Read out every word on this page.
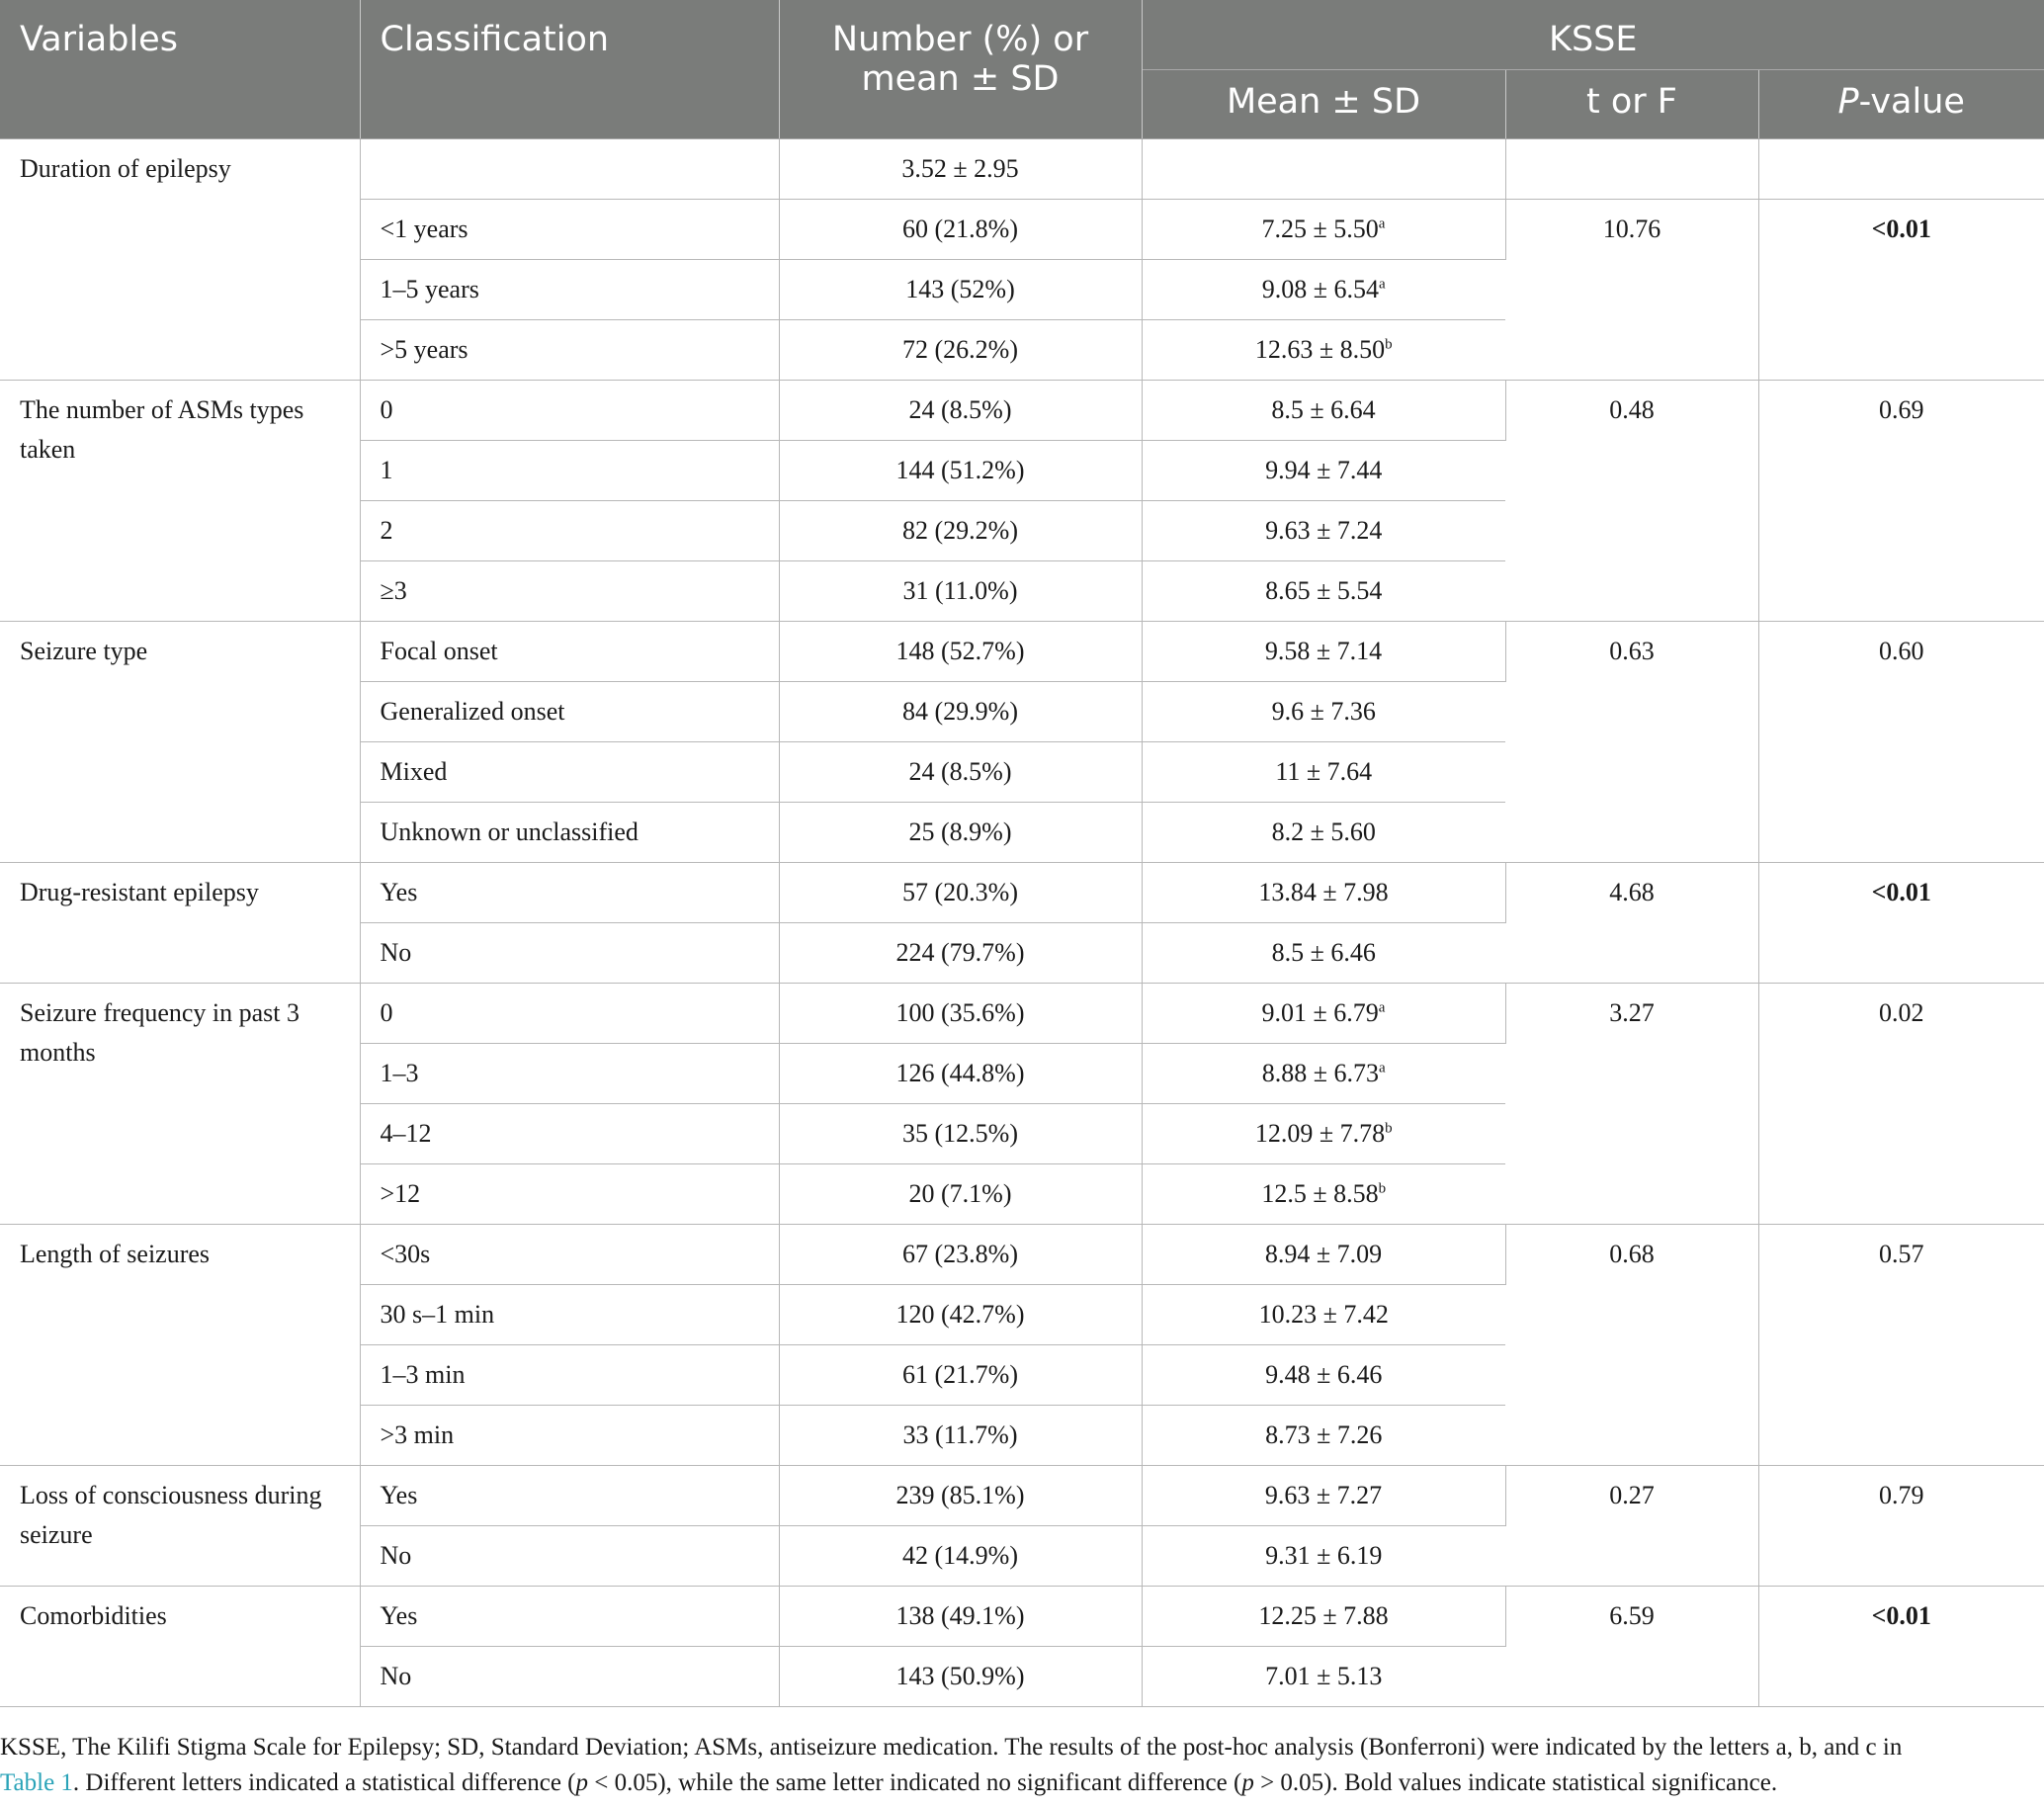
Variables	Classification	Number (%) or
mean ± SD	KSSE		
			Mean ± SD	t or F	P-value
Duration of epilepsy		3.52 ± 2.95			
	<1 years	60 (21.8%)	7.25 ± 5.50$^a$	10.76	<0.01
	1–5 years	143 (52%)	9.08 ± 6.54$^a$
	>5 years	72 (26.2%)	12.63 ± 8.50$^b$
The number of ASMs types taken	0	24 (8.5%)	8.5 ± 6.64	0.48	0.69
	1	144 (51.2%)	9.94 ± 7.44		
	2	82 (29.2%)	9.63 ± 7.24		
	≥3	31 (11.0%)	8.65 ± 5.54		
Seizure type	Focal onset	148 (52.7%)	9.58 ± 7.14	0.63	0.60
	Generalized onset	84 (29.9%)	9.6 ± 7.36		
	Mixed	24 (8.5%)	11 ± 7.64		
	Unknown or unclassified	25 (8.9%)	8.2 ± 5.60		
Drug-resistant epilepsy	Yes	57 (20.3%)	13.84 ± 7.98	4.68	<0.01
	No	224 (79.7%)	8.5 ± 6.46		
Seizure frequency in past 3 months	0	100 (35.6%)	9.01 ± 6.79$^a$	3.27	0.02
	1–3	126 (44.8%)	8.88 ± 6.73$^a$
	4–12	35 (12.5%)	12.09 ± 7.78$^b$
	>12	20 (7.1%)	12.5 ± 8.58$^b$
Length of seizures	<30s	67 (23.8%)	8.94 ± 7.09	0.68	0.57
	30 s–1 min	120 (42.7%)	10.23 ± 7.42		
	1–3 min	61 (21.7%)	9.48 ± 6.46		
	>3 min	33 (11.7%)	8.73 ± 7.26		
Loss of consciousness during seizure	Yes	239 (85.1%)	9.63 ± 7.27	0.27	0.79
	No	42 (14.9%)	9.31 ± 6.19		
Comorbidities	Yes	138 (49.1%)	12.25 ± 7.88	6.59	<0.01
	No	143 (50.9%)	7.01 ± 5.13		
KSSE, The Kilifi Stigma Scale for Epilepsy; SD, Standard Deviation; ASMs, antiseizure medication. The results of the post-hoc analysis (Bonferroni) were indicated by the letters a, b, and c in
Table 1. Different letters indicated a statistical difference (p < 0.05), while the same letter indicated no significant difference (p > 0.05). Bold values indicate statistical significance.
